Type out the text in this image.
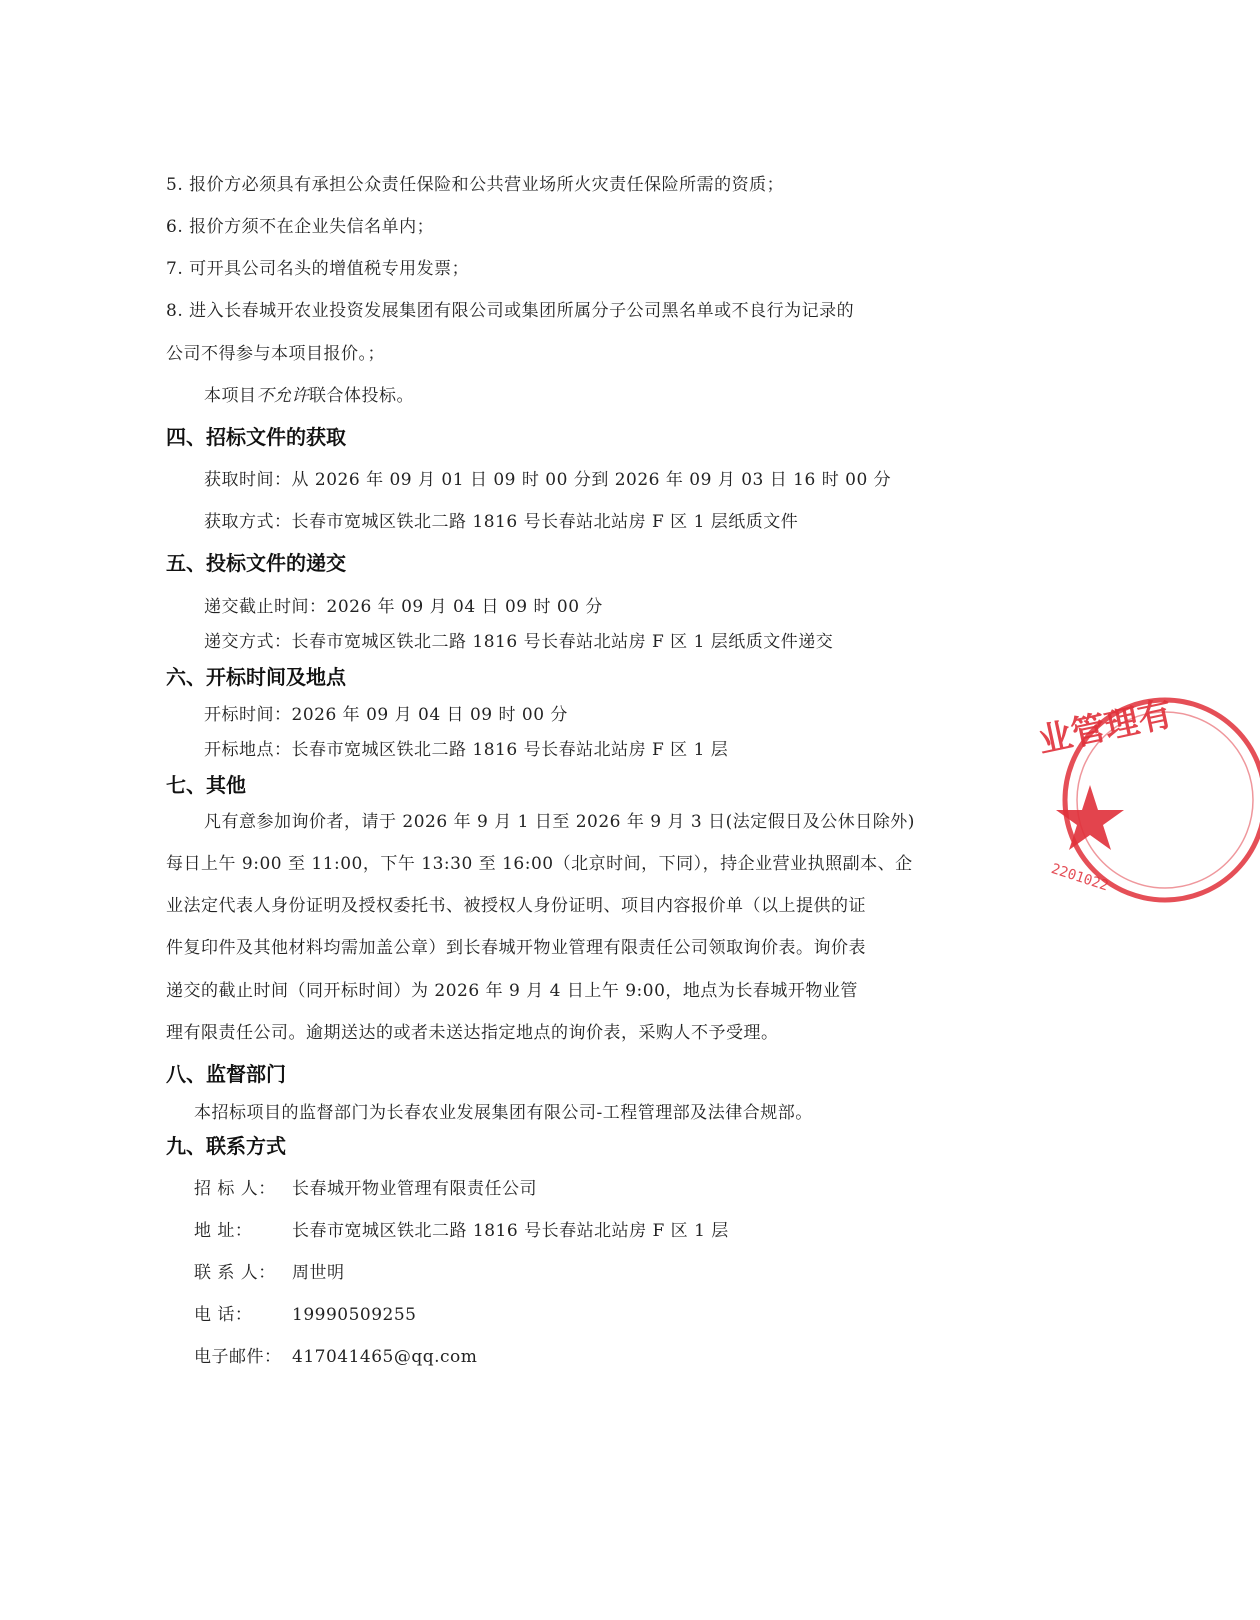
5. 报价方必须具有承担公众责任保险和公共营业场所火灾责任保险所需的资质；
6. 报价方须不在企业失信名单内；
7. 可开具公司名头的增值税专用发票；
8. 进入长春城开农业投资发展集团有限公司或集团所属分子公司黑名单或不良行为记录的
公司不得参与本项目报价。；
本项目不允许联合体投标。
四、招标文件的获取
获取时间：从 2026 年 09 月 01 日 09 时 00 分到 2026 年 09 月 03 日 16 时 00 分
获取方式：长春市宽城区铁北二路 1816 号长春站北站房 F 区 1 层纸质文件
五、投标文件的递交
递交截止时间：2026 年 09 月 04 日 09 时 00 分
递交方式：长春市宽城区铁北二路 1816 号长春站北站房 F 区 1 层纸质文件递交
六、开标时间及地点
开标时间：2026 年 09 月 04 日 09 时 00 分
开标地点：长春市宽城区铁北二路 1816 号长春站北站房 F 区 1 层
七、其他
凡有意参加询价者，请于 2026 年 9 月 1 日至 2026 年 9 月 3 日(法定假日及公休日除外)
每日上午 9:00 至 11:00，下午 13:30 至 16:00（北京时间，下同），持企业营业执照副本、企
业法定代表人身份证明及授权委托书、被授权人身份证明、项目内容报价单（以上提供的证
件复印件及其他材料均需加盖公章）到长春城开物业管理有限责任公司领取询价表。询价表
递交的截止时间（同开标时间）为 2026 年 9 月 4 日上午 9:00，地点为长春城开物业管
理有限责任公司。逾期送达的或者未送达指定地点的询价表，采购人不予受理。
八、监督部门
本招标项目的监督部门为长春农业发展集团有限公司-工程管理部及法律合规部。
九、联系方式
招 标 人： 长春城开物业管理有限责任公司
地 址： 长春市宽城区铁北二路 1816 号长春站北站房 F 区 1 层
联 系 人： 周世明
电 话： 19990509255
电子邮件： 417041465@qq.com
业管理有
2201022
